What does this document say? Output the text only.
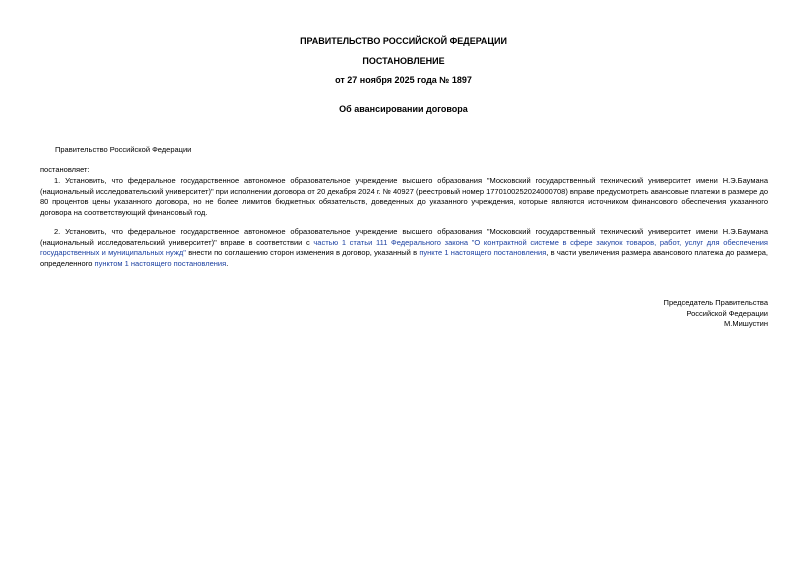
ПРАВИТЕЛЬСТВО РОССИЙСКОЙ ФЕДЕРАЦИИ
ПОСТАНОВЛЕНИЕ
от 27 ноября 2025 года № 1897
Об авансировании договора
Правительство Российской Федерации
постановляет:
1. Установить, что федеральное государственное автономное образовательное учреждение высшего образования "Московский государственный технический университет имени Н.Э.Баумана (национальный исследовательский университет)" при исполнении договора от 20 декабря 2024 г. № 40927 (реестровый номер 1770100252024000708) вправе предусмотреть авансовые платежи в размере до 80 процентов цены указанного договора, но не более лимитов бюджетных обязательств, доведенных до указанного учреждения, которые являются источником финансового обеспечения указанного договора на соответствующий финансовый год.
2. Установить, что федеральное государственное автономное образовательное учреждение высшего образования "Московский государственный технический университет имени Н.Э.Баумана (национальный исследовательский университет)" вправе в соответствии с частью 1 статьи 111 Федерального закона "О контрактной системе в сфере закупок товаров, работ, услуг для обеспечения государственных и муниципальных нужд" внести по соглашению сторон изменения в договор, указанный в пункте 1 настоящего постановления, в части увеличения размера авансового платежа до размера, определенного пунктом 1 настоящего постановления.
Председатель Правительства
Российской Федерации
М.Мишустин
